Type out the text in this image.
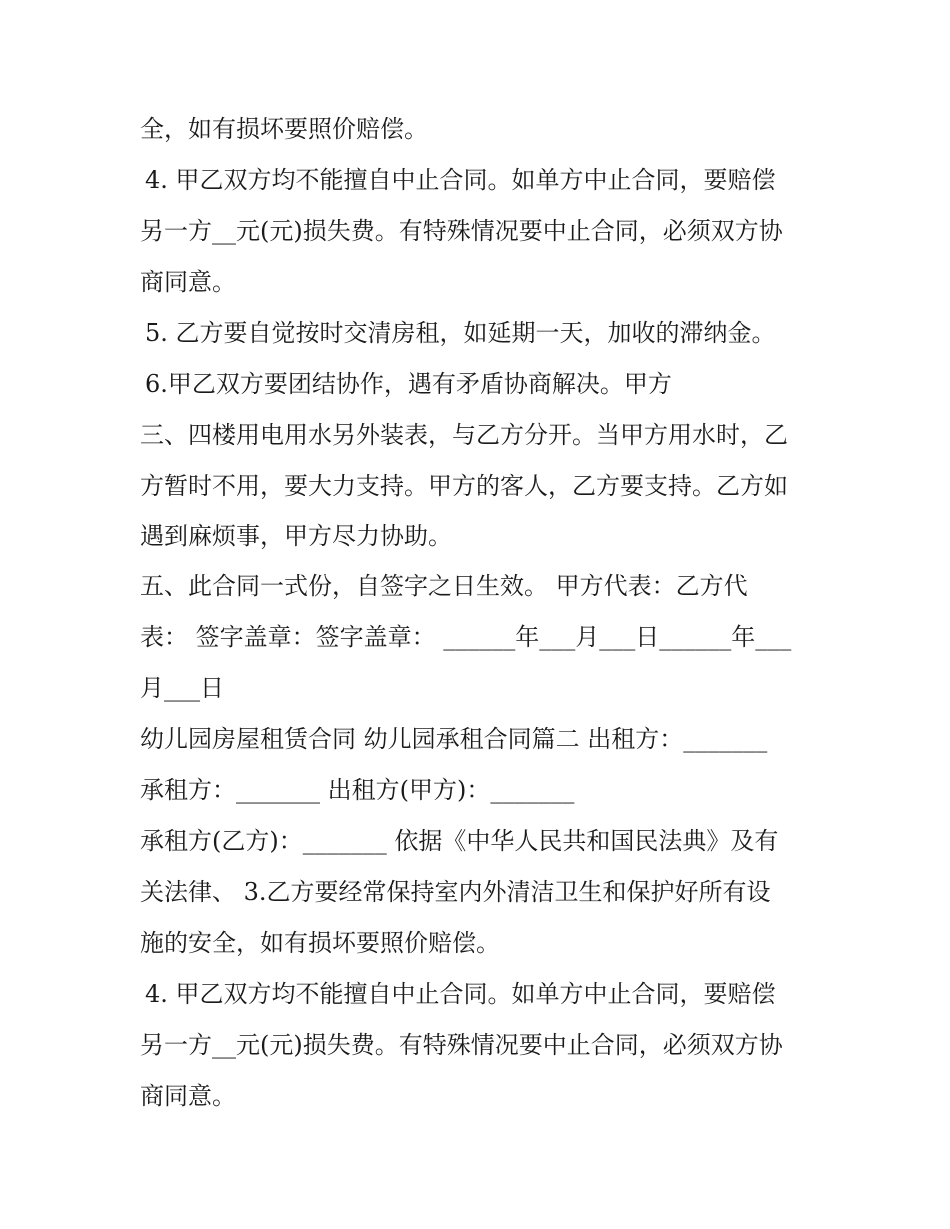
全，如有损坏要照价赔偿。

4. 甲乙双方均不能擅自中止合同。如单方中止合同，要赔偿

另一方__元(元)损失费。有特殊情况要中止合同，必须双方协

商同意。

5. 乙方要自觉按时交清房租，如延期一天，加收的滞纳金。

6.甲乙双方要团结协作，遇有矛盾协商解决。甲方

三、四楼用电用水另外装表，与乙方分开。当甲方用水时，乙

方暂时不用，要大力支持。甲方的客人，乙方要支持。乙方如

遇到麻烦事，甲方尽力协助。

五、此合同一式份，自签字之日生效。 甲方代表：乙方代

表： 签字盖章：签字盖章： ______年___月___日______年___

月___日

幼儿园房屋租赁合同 幼儿园承租合同篇二 出租方：_______

承租方：_______ 出租方(甲方)：_______

承租方(乙方)：_______ 依据《中华人民共和国民法典》及有

关法律、 3.乙方要经常保持室内外清洁卫生和保护好所有设

施的安全，如有损坏要照价赔偿。

4. 甲乙双方均不能擅自中止合同。如单方中止合同，要赔偿

另一方__元(元)损失费。有特殊情况要中止合同，必须双方协

商同意。
